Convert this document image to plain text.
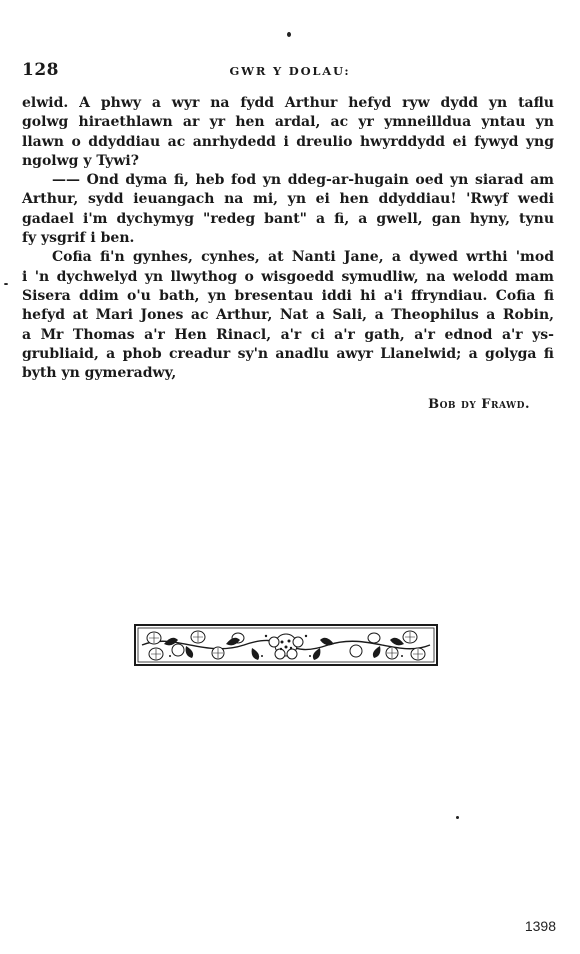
128	GWR Y DOLAU:
elwid. A phwy a wyr na fydd Arthur hefyd ryw dydd yn taflu
golwg hiraethlawn ar yr hen ardal, ac yr ymneilldua yntau yn
llawn o ddyddiau ac anrhydedd i dreulio hwyrddydd ei fywyd yng
ngolwg y Tywi?
—— Ond dyma fi, heb fod yn ddeg-ar-hugain oed yn siarad am
Arthur, sydd ieuangach na mi, yn ei hen ddyddiau! 'Rwyf wedi
gadael i'm dychymyg "redeg bant" a fi, a gwell, gan hyny, tynu
fy ysgrif i ben.
Cofia fi'n gynhes, cynhes, at Nanti Jane, a dywed wrthi 'mod
i 'n dychwelyd yn llwythog o wisgoedd symudliw, na welodd mam
Sisera ddim o'u bath, yn bresentau iddi hi a'i ffryndiau. Cofia fi
hefyd at Mari Jones ac Arthur, Nat a Sali, a Theophilus a Robin,
a Mr Thomas a'r Hen Rinacl, a'r ci a'r gath, a'r ednod a'r ys-
grubliaid, a phob creadur sy'n anadlu awyr Llanelwid; a golyga fi
byth yn gymeradwy,
Bob dy Frawd.
1398
